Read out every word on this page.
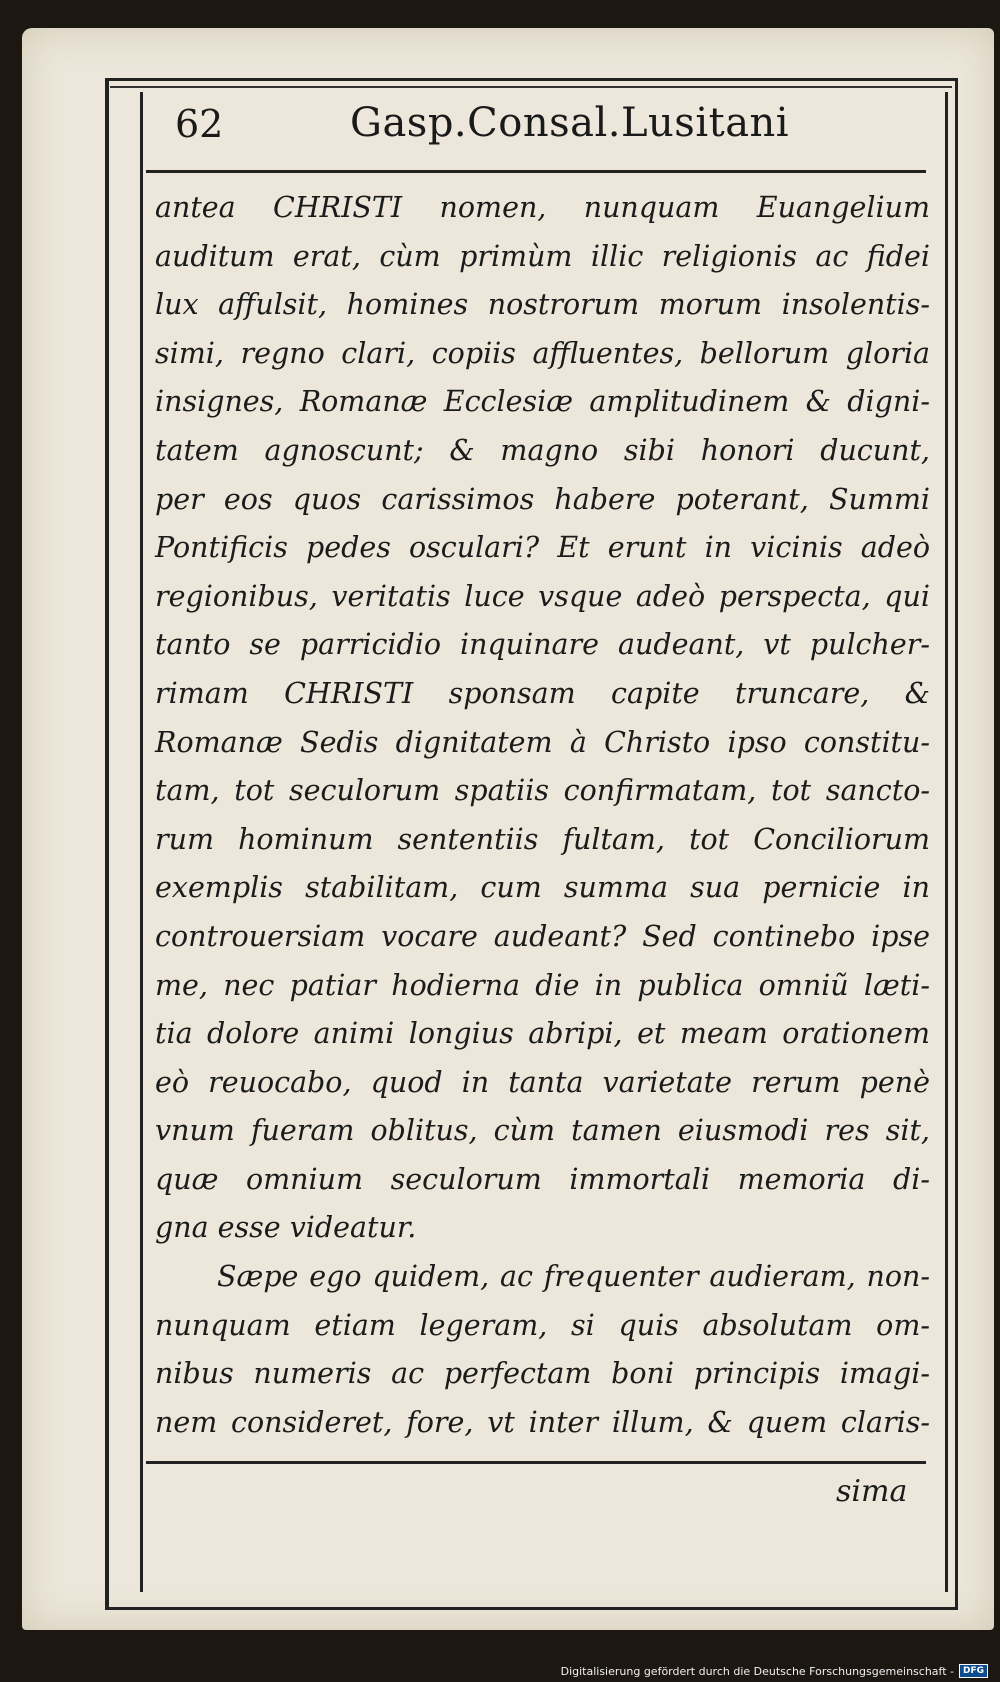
62	Gasp.Consal.Lusitani
antea CHRISTI nomen, nunquam Euangelium
auditum erat, cùm primùm illic religionis ac fidei
lux affulsit, homines nostrorum morum insolentis-
simi, regno clari, copiis affluentes, bellorum gloria
insignes, Romanæ Ecclesiæ amplitudinem & digni-
tatem agnoscunt; & magno sibi honori ducunt,
per eos quos carissimos habere poterant, Summi
Pontificis pedes osculari? Et erunt in vicinis adeò
regionibus, veritatis luce vsque adeò perspecta, qui
tanto se parricidio inquinare audeant, vt pulcher-
rimam CHRISTI sponsam capite truncare, &
Romanæ Sedis dignitatem à Christo ipso constitu-
tam, tot seculorum spatiis confirmatam, tot sancto-
rum hominum sententiis fultam, tot Conciliorum
exemplis stabilitam, cum summa sua pernicie in
controuersiam vocare audeant? Sed continebo ipse
me, nec patiar hodierna die in publica omniũ læti-
tia dolore animi longius abripi, et meam orationem
eò reuocabo, quod in tanta varietate rerum penè
vnum fueram oblitus, cùm tamen eiusmodi res sit,
quæ omnium seculorum immortali memoria di-
gna esse videatur.
Sæpe ego quidem, ac frequenter audieram, non-
nunquam etiam legeram, si quis absolutam om-
nibus numeris ac perfectam boni principis imagi-
nem consideret, fore, vt inter illum, & quem claris-
sima
Digitalisierung gefördert durch die Deutsche Forschungsgemeinschaft -	DFG
